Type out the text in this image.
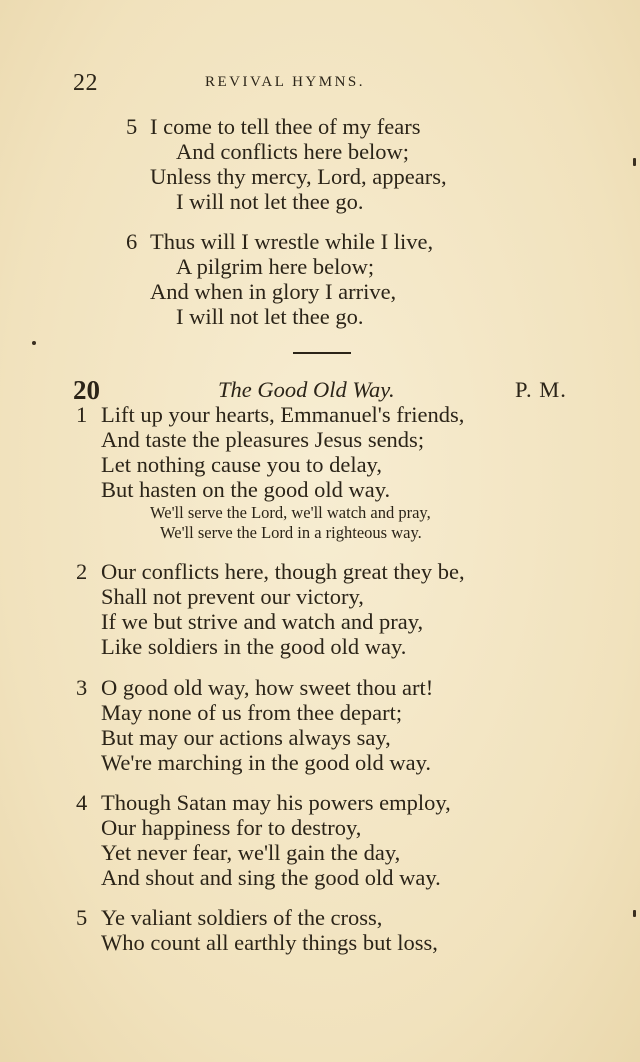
22	REVIVAL HYMNS.
5 I come to tell thee of my fears
And conflicts here below;
Unless thy mercy, Lord, appears,
I will not let thee go.
6 Thus will I wrestle while I live,
A pilgrim here below;
And when in glory I arrive,
I will not let thee go.
20	The Good Old Way.	P. M.
1 Lift up your hearts, Emmanuel's friends,
And taste the pleasures Jesus sends;
Let nothing cause you to delay,
But hasten on the good old way.
We'll serve the Lord, we'll watch and pray,
We'll serve the Lord in a righteous way.
2 Our conflicts here, though great they be,
Shall not prevent our victory,
If we but strive and watch and pray,
Like soldiers in the good old way.
3 O good old way, how sweet thou art!
May none of us from thee depart;
But may our actions always say,
We're marching in the good old way.
4 Though Satan may his powers employ,
Our happiness for to destroy,
Yet never fear, we'll gain the day,
And shout and sing the good old way.
5 Ye valiant soldiers of the cross,
Who count all earthly things but loss,
